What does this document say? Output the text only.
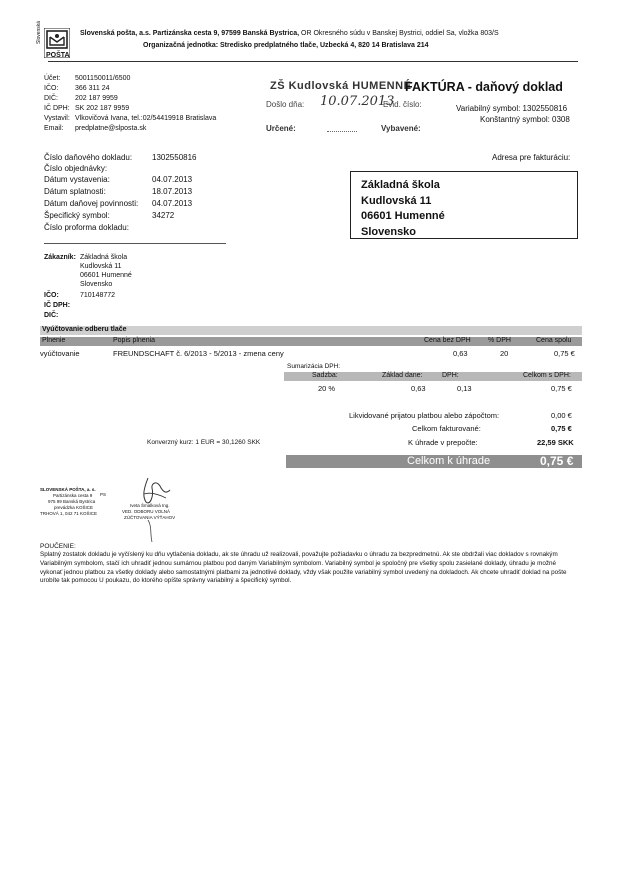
Slovenská
POŠTA
Slovenská pošta, a.s. Partizánska cesta 9, 97599 Banská Bystrica, OR Okresného súdu v Banskej Bystrici, oddiel Sa, vložka 803/S
Organizačná jednotka: Stredisko predplatného tlače, Uzbecká 4, 820 14 Bratislava 214
Účet: 5001150011/6500
IČO: 366 311 24
DIČ: 202 187 9959
IČ DPH: SK 202 187 9959
Vystavil: Vlkovičová Ivana, tel.:02/54419918 Bratislava
Email: predplatne@slposta.sk
ZŠ Kudlovská HUMENNÉ
FAKTÚRA - daňový doklad
Došlo dňa: 10.07.2013
Evid. číslo:	Variabilný symbol: 1302550816
Konštantný symbol: 0308
Určené:	Vybavené:
Číslo daňového dokladu: 1302550816
Číslo objednávky:
Dátum vystavenia:	04.07.2013
Dátum splatnosti:	18.07.2013
Dátum daňovej povinnosti: 04.07.2013
Špecifický symbol:	34272
Číslo proforma dokladu:
Adresa pre fakturáciu:
Základná škola
Kudlovská 11
06601 Humenné
Slovensko
Zákazník: Základná škola
Kudlovská 11
06601 Humenné
Slovensko
IČO:	710148772
IČ DPH:
DIČ:
Vyúčtovanie odberu tlače
Plnenie	Popis plnenia	Cena bez DPH % DPH	Cena spolu
vyúčtovanie	FREUNDSCHAFT č. 6/2013 - 5/2013 - zmena ceny	0,63	20	0,75 €
Sumarizácia DPH:
Sadzba:	Základ dane:	DPH:	Celkom s DPH:
20 %	0,63	0,13	0,75 €
Likvidované prijatou platbou alebo zápočtom:	0,00 €
Celkom fakturované:	0,75 €
Konverzný kurz: 1 EUR = 30,1260 SKK	K úhrade v prepočte:	22,59 SKK
Celkom k úhrade	0,75 €
SLOVENSKÁ POŠTA, a. s.
Partizánska cesta 9
975 99 Banská Bystrica
prevádzka KOŠICE
TRHOVÁ 1, 042 71 KOŠICE
PS
Iveta Šmalková Ing.
VED. ODBORU VOLNÁ
ZÚČTOVANIA VÝŤAHOV
POUČENIE:
Splatný zostatok dokladu je vyčíslený ku dňu vytlačenia dokladu, ak ste úhradu už realizovali, považujte požiadavku o úhradu za bezpredmetnú. Ak ste obdržali viac dokladov s rovnakým Variabilným symbolom, stačí ich uhradiť jednou sumárnou platbou pod daným Variabilným symbolom. Variabilný symbol je spoločný pre všetky spolu zasielané doklady, úhradu je možné vykonať jednou platbou za všetky doklady alebo samostatnými platbami za jednotlivé doklady, vždy však použite variabilný symbol uvedený na dokladoch. Ak chcete uhradiť doklad na pošte urobíte tak pomocou U poukazu, do ktorého opíšte správny variabilný a špecifický symbol.
